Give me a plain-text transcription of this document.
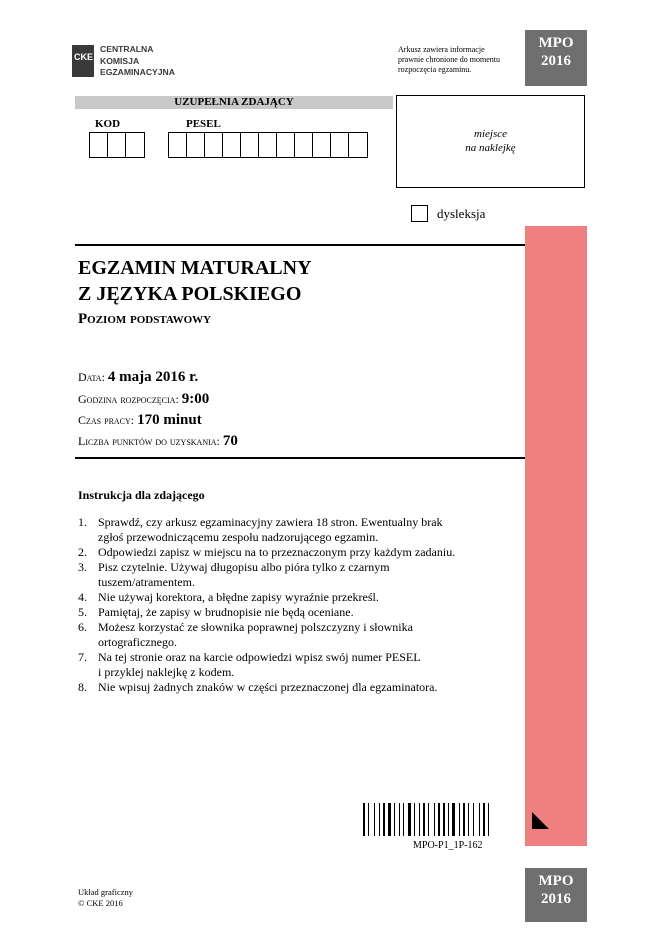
CKE
CENTRALNA
KOMISJA
EGZAMINACYJNA
Arkusz zawiera informacje
prawnie chronione do momentu
rozpoczęcia egzaminu.
MPO
2016
UZUPEŁNIA ZDAJĄCY
KOD	PESEL
miejsce
na naklejkę
dysleksja
EGZAMIN MATURALNY
Z JĘZYKA POLSKIEGO
Poziom podstawowy
Data: 4 maja 2016 r.
Godzina rozpoczęcia: 9:00
Czas pracy: 170 minut
Liczba punktów do uzyskania: 70
Instrukcja dla zdającego
1. Sprawdź, czy arkusz egzaminacyjny zawiera 18 stron. Ewentualny brak
zgłoś przewodniczącemu zespołu nadzorującego egzamin.
2. Odpowiedzi zapisz w miejscu na to przeznaczonym przy każdym zadaniu.
3. Pisz czytelnie. Używaj długopisu albo pióra tylko z czarnym
tuszem/atramentem.
4. Nie używaj korektora, a błędne zapisy wyraźnie przekreśl.
5. Pamiętaj, że zapisy w brudnopisie nie będą oceniane.
6. Możesz korzystać ze słownika poprawnej polszczyzny i słownika
ortograficznego.
7. Na tej stronie oraz na karcie odpowiedzi wpisz swój numer PESEL
i przyklej naklejkę z kodem.
8. Nie wpisuj żadnych znaków w części przeznaczonej dla egzaminatora.
MPO-P1_1P-162
MPO
2016
Układ graficzny
© CKE 2016
